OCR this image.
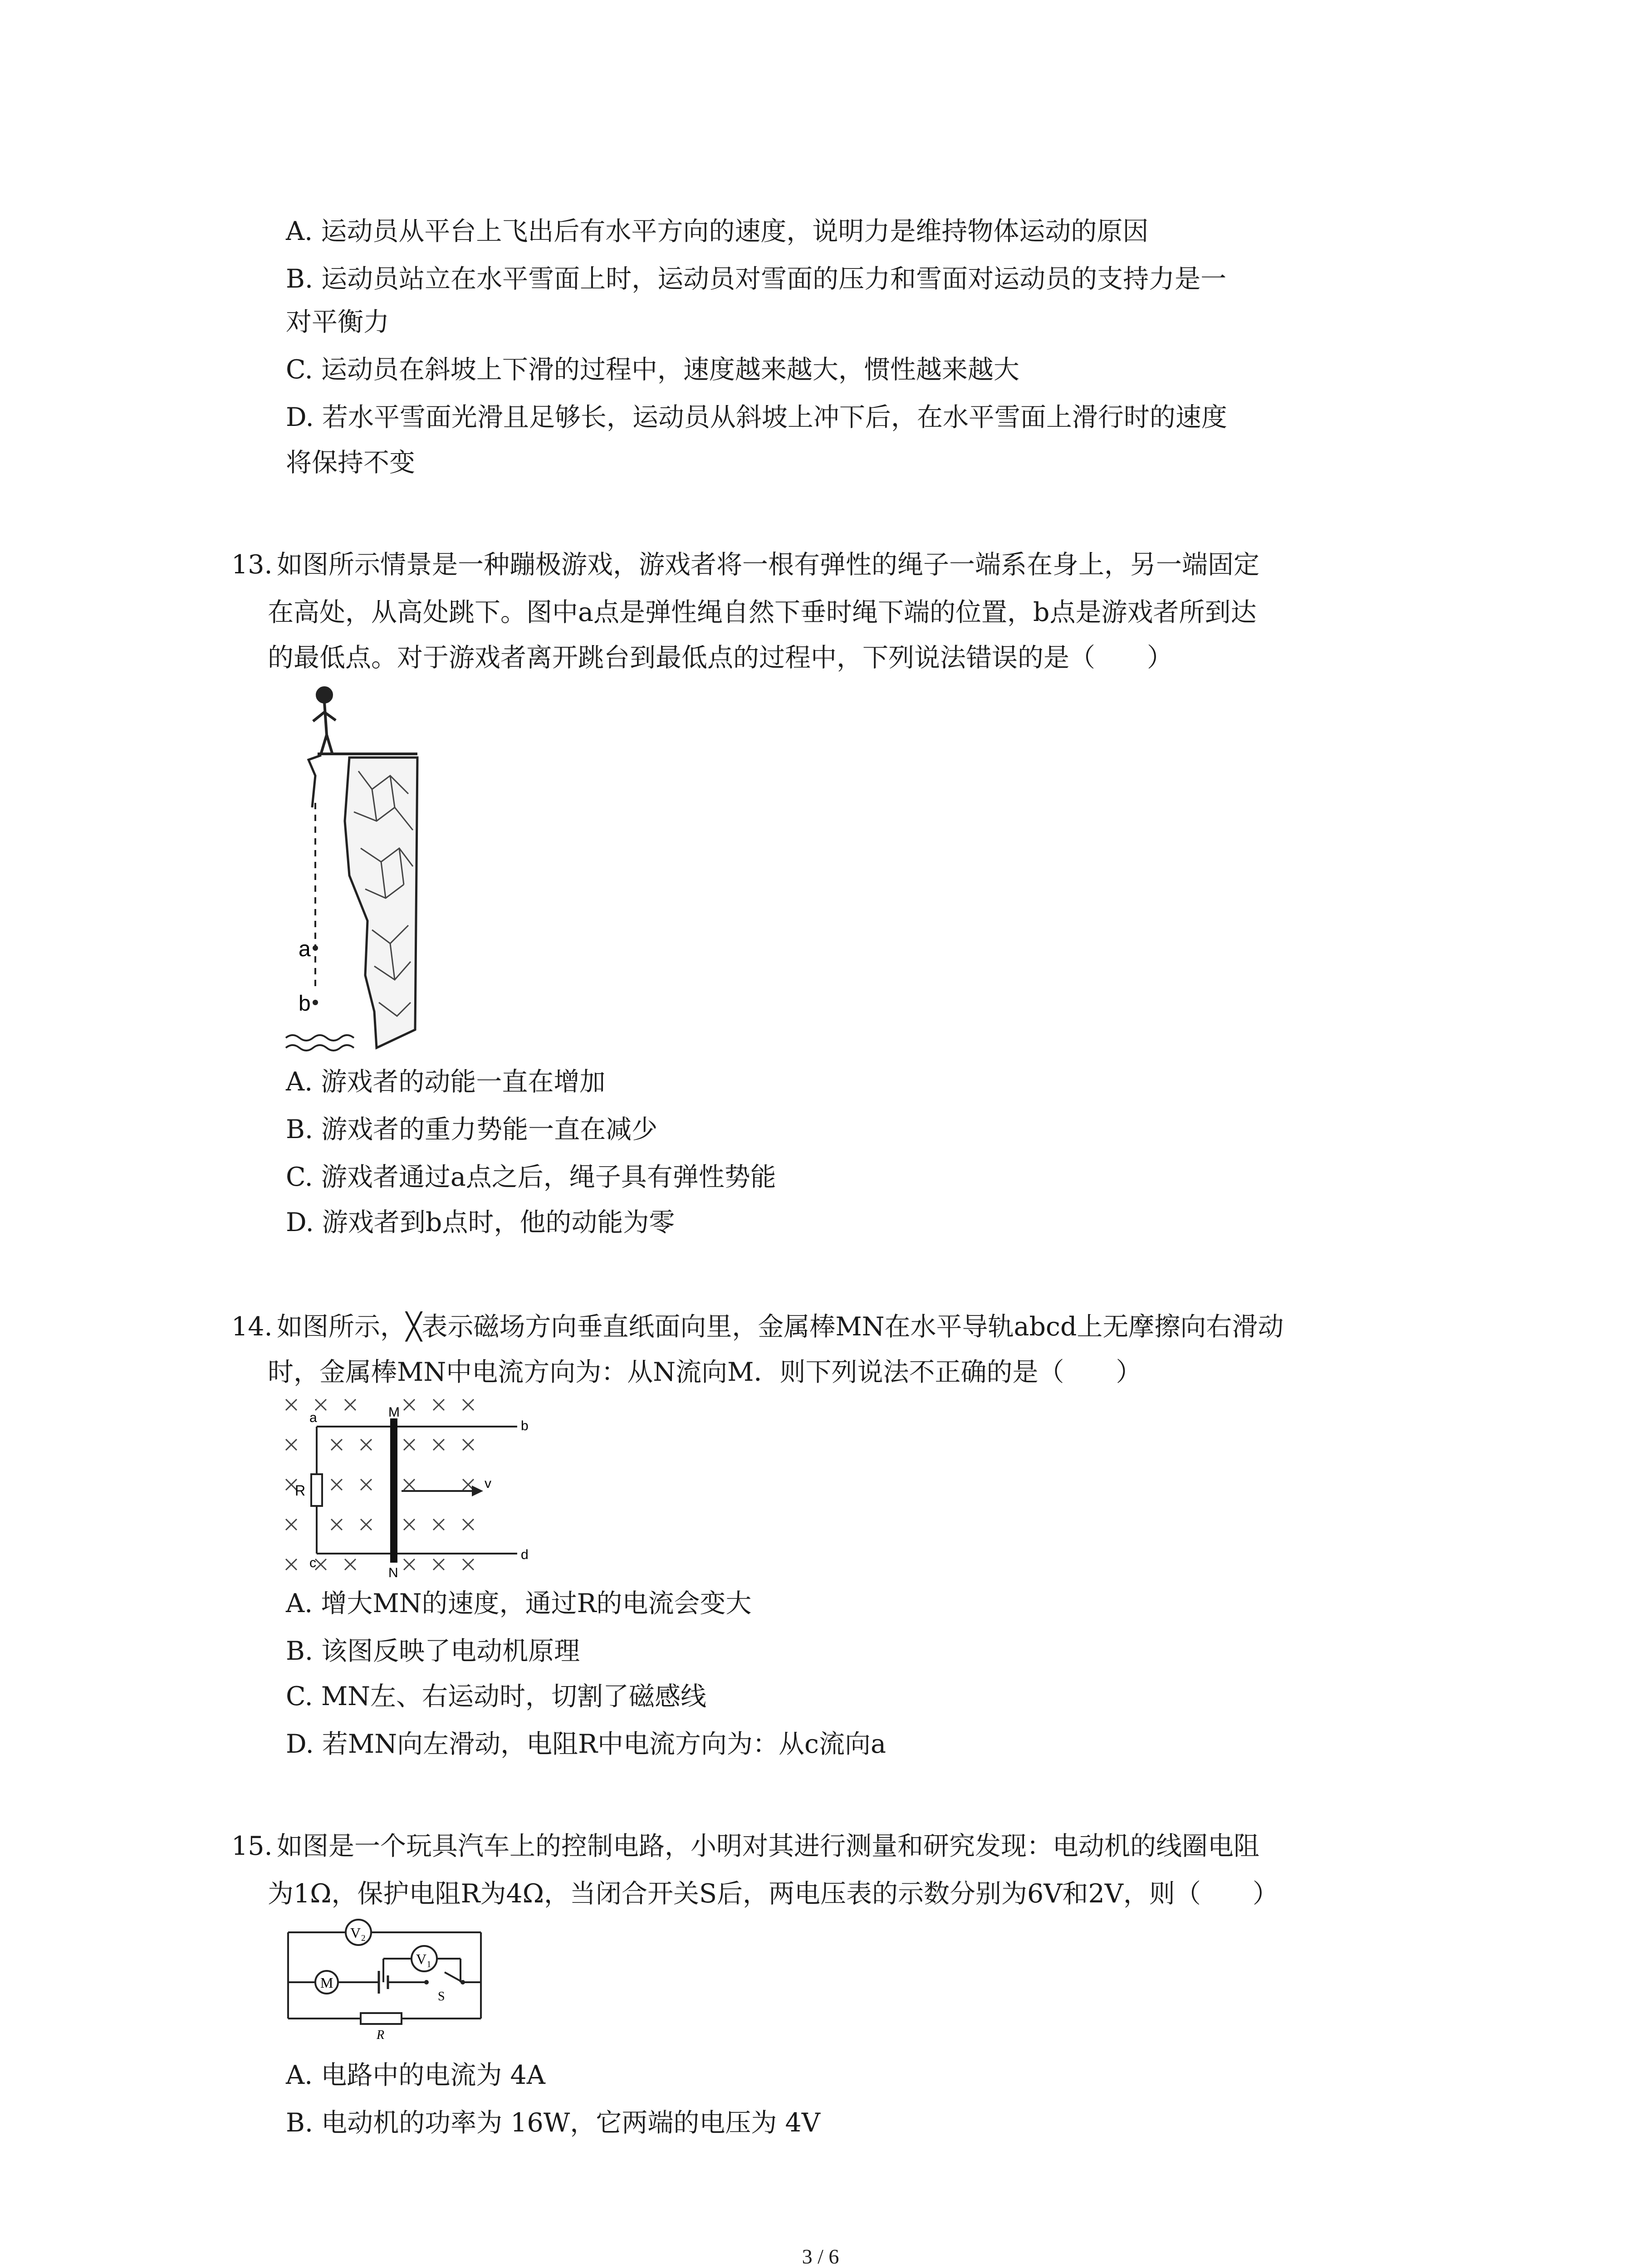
A. 运动员从平台上飞出后有水平方向的速度，说明力是维持物体运动的原因
B. 运动员站立在水平雪面上时，运动员对雪面的压力和雪面对运动员的支持力是一
对平衡力
C. 运动员在斜坡上下滑的过程中，速度越来越大，惯性越来越大
D. 若水平雪面光滑且足够长，运动员从斜坡上冲下后，在水平雪面上滑行时的速度
将保持不变
13. 如图所示情景是一种蹦极游戏，游戏者将一根有弹性的绳子一端系在身上，另一端固定
在高处，从高处跳下。图中a点是弹性绳自然下垂时绳下端的位置，b点是游戏者所到达
的最低点。对于游戏者离开跳台到最低点的过程中，下列说法错误的是（　　）
a
b
A. 游戏者的动能一直在增加
B. 游戏者的重力势能一直在减少
C. 游戏者通过a点之后，绳子具有弹性势能
D. 游戏者到b点时，他的动能为零
14. 如图所示，╳表示磁场方向垂直纸面向里，金属棒MN在水平导轨abcd上无摩擦向右滑动
时，金属棒MN中电流方向为：从N流向M．则下列说法不正确的是（　　）
v
a
b
c
d
M
N
R
A. 增大MN的速度，通过R的电流会变大
B. 该图反映了电动机原理
C. MN左、右运动时，切割了磁感线
D. 若MN向左滑动，电阻R中电流方向为：从c流向a
15. 如图是一个玩具汽车上的控制电路，小明对其进行测量和研究发现：电动机的线圈电阻
为1Ω，保护电阻R为4Ω，当闭合开关S后，两电压表的示数分别为6V和2V，则（　　）
V₂
V₁
M
S
R
A. 电路中的电流为 4A
B. 电动机的功率为 16W，它两端的电压为 4V
3 / 6
